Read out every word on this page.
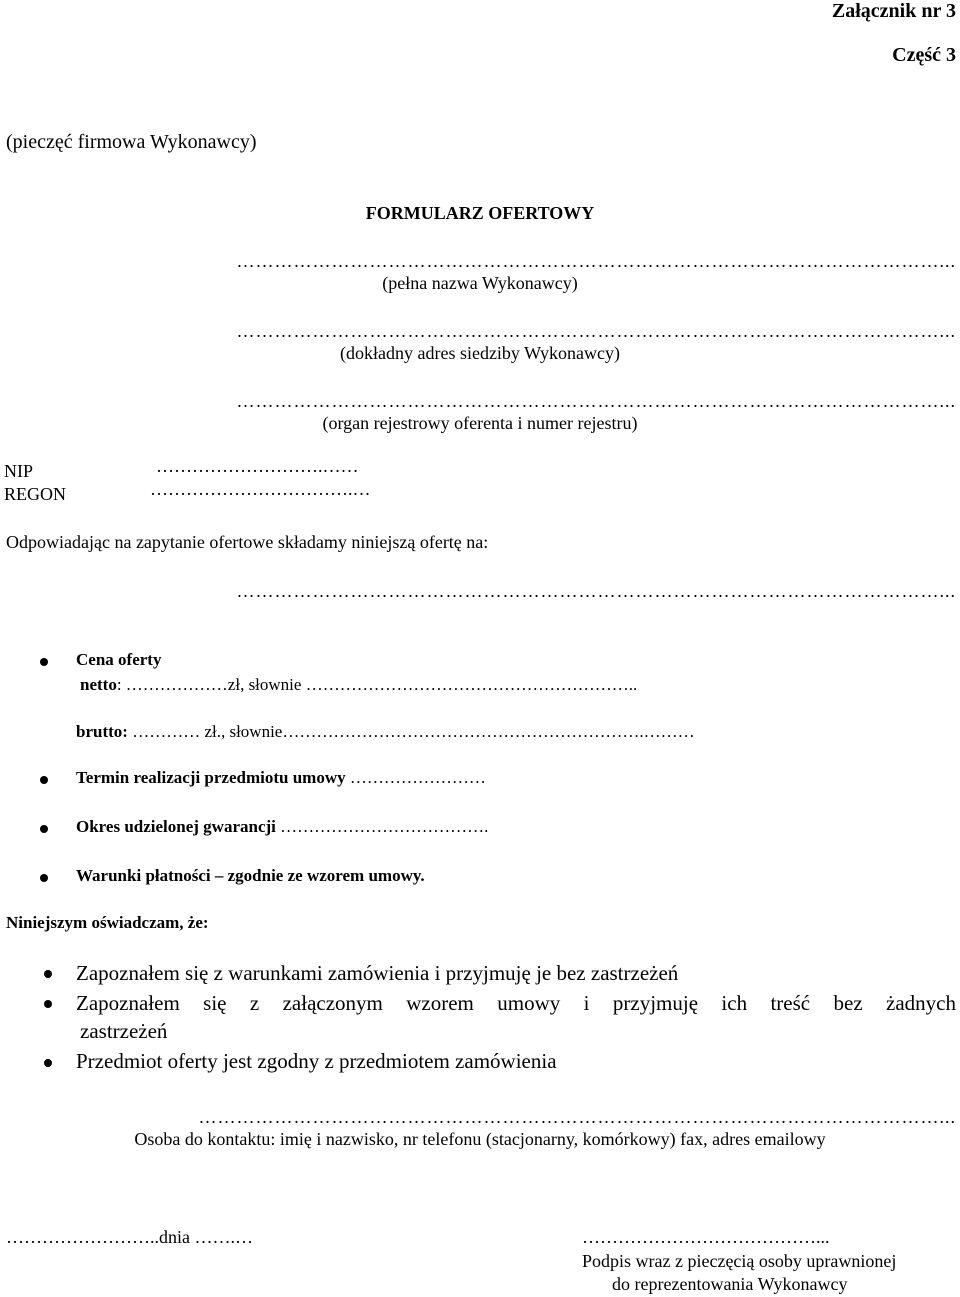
Załącznik nr 3
Część 3
(pieczęć firmowa Wykonawcy)
FORMULARZ OFERTOWY
…………………………………………………………………………………………………...
(pełna nazwa Wykonawcy)
…………………………………………………………………………………………………...
(dokładny adres siedziby Wykonawcy)
…………………………………………………………………………………………………...
(organ rejestrowy oferenta i numer rejestru)
NIP	……………………….……
REGON	…………………………….…
Odpowiadając na zapytanie ofertowe składamy niniejszą ofertę na:
…………………………………………………………………………………………………...
Cena oferty
netto: ………………zł, słownie …………………………………………………..
brutto: ………… zł., słownie……………………………………………………….………
Termin realizacji przedmiotu umowy ……………………
Okres udzielonej gwarancji ……………………………….
Warunki płatności – zgodnie ze wzorem umowy.
Niniejszym oświadczam, że:
Zapoznałem się z warunkami zamówienia i przyjmuję je bez zastrzeżeń
Zapoznałem się z załączonym wzorem umowy i przyjmuję ich treść bez żadnych
zastrzeżeń
Przedmiot oferty jest zgodny z przedmiotem zamówienia
………………………………………………………………………………………………………...
Osoba do kontaktu: imię i nazwisko, nr telefonu (stacjonarny, komórkowy) fax, adres emailowy
……………………..dnia …….…	…………………………………...
Podpis wraz z pieczęcią osoby uprawnionej
do reprezentowania Wykonawcy
